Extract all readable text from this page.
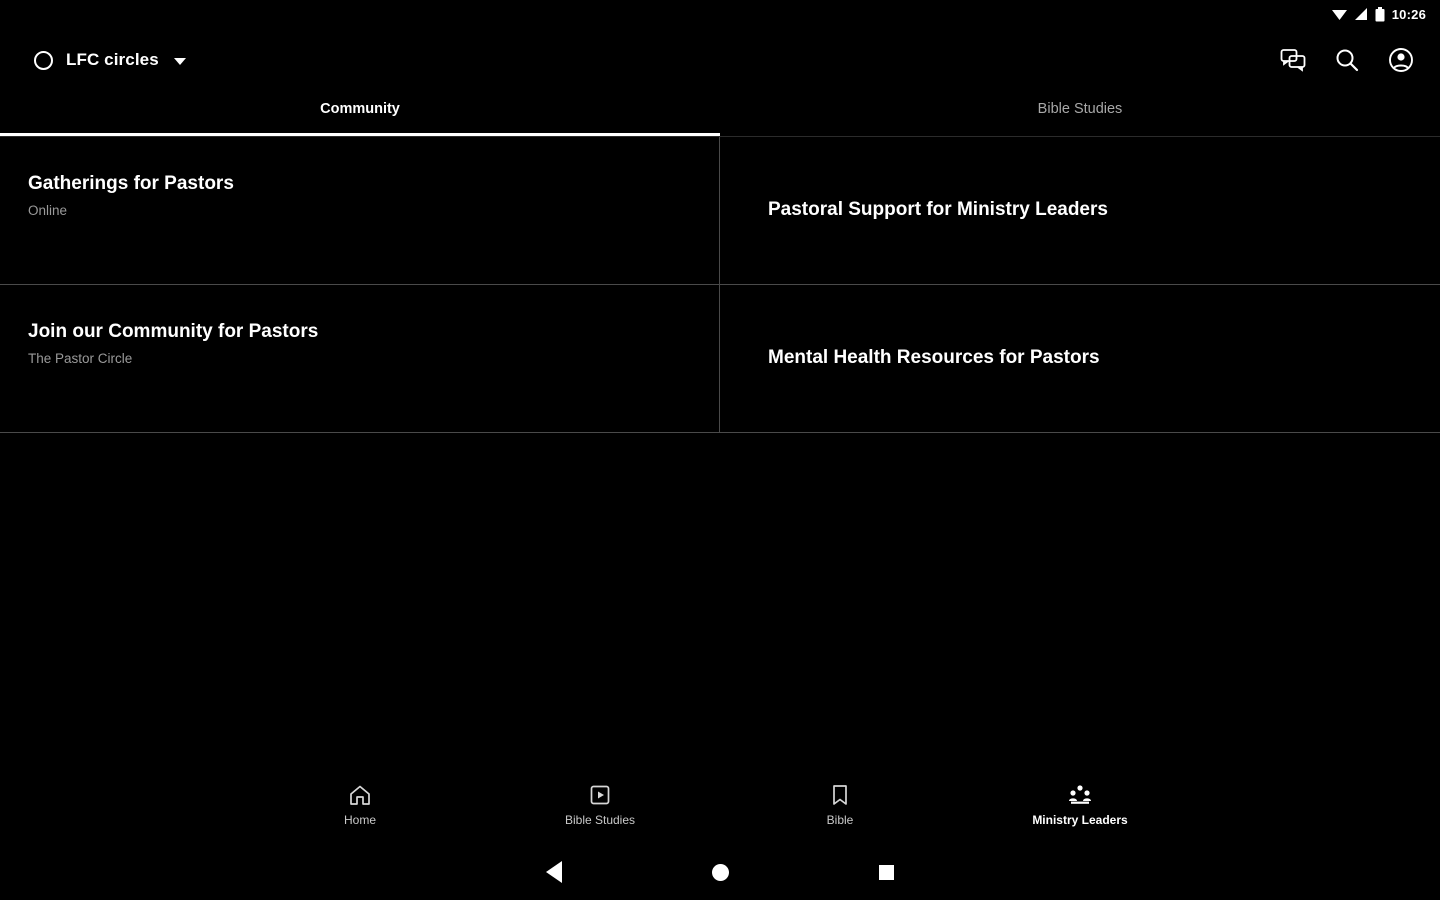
10:26
LFC circles
Community	Bible Studies
Gatherings for Pastors
Online
Join our Community for Pastors
The Pastor Circle
Pastoral Support for Ministry Leaders
Mental Health Resources for Pastors
Home	Bible Studies	Bible	Ministry Leaders
